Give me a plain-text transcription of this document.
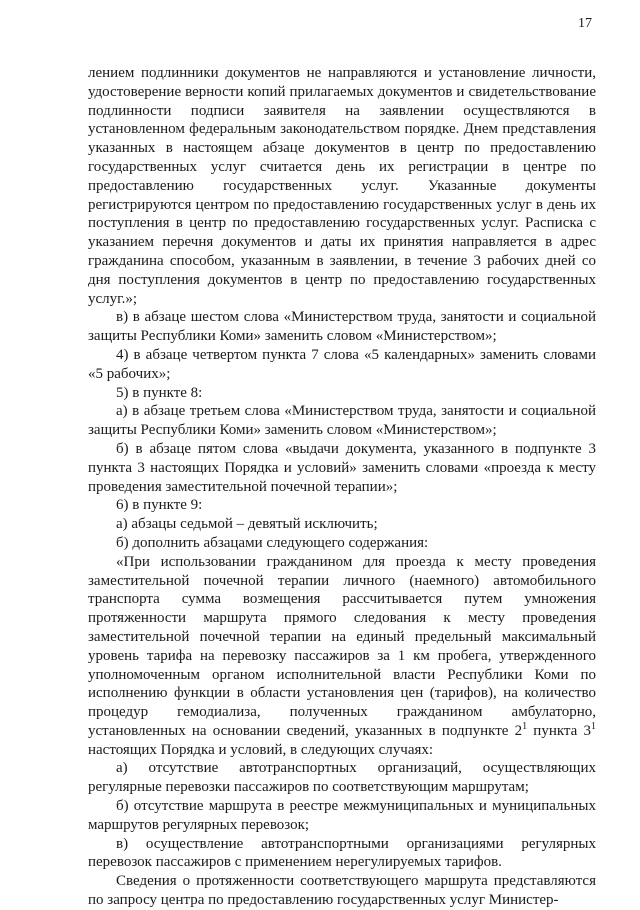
17

лением подлинники документов не направляются и установление личности, удостоверение верности копий прилагаемых документов и свидетельствование подлинности подписи заявителя на заявлении осуществляются в установленном федеральным законодательством порядке. Днем представления указанных в настоящем абзаце документов в центр по предоставлению государственных услуг считается день их регистрации в центре по предоставлению государственных услуг. Указанные документы регистрируются центром по предоставлению государственных услуг в день их поступления в центр по предоставлению государственных услуг. Расписка с указанием перечня документов и даты их принятия направляется в адрес гражданина способом, указанным в заявлении, в течение 3 рабочих дней со дня поступления документов в центр по предоставлению государственных услуг.»;

в) в абзаце шестом слова «Министерством труда, занятости и социальной защиты Республики Коми» заменить словом «Министерством»;

4) в абзаце четвертом пункта 7 слова «5 календарных» заменить словами «5 рабочих»;

5) в пункте 8:

а) в абзаце третьем слова «Министерством труда, занятости и социальной защиты Республики Коми» заменить словом «Министерством»;

б) в абзаце пятом слова «выдачи документа, указанного в подпункте 3 пункта 3 настоящих Порядка и условий» заменить словами «проезда к месту проведения заместительной почечной терапии»;

6) в пункте 9:

а) абзацы седьмой – девятый исключить;

б) дополнить абзацами следующего содержания:

«При использовании гражданином для проезда к месту проведения заместительной почечной терапии личного (наемного) автомобильного транспорта сумма возмещения рассчитывается путем умножения протяженности маршрута прямого следования к месту проведения заместительной почечной терапии на единый предельный максимальный уровень тарифа на перевозку пассажиров за 1 км пробега, утвержденного уполномоченным органом исполнительной власти Республики Коми по исполнению функции в области установления цен (тарифов), на количество процедур гемодиализа, полученных гражданином амбулаторно, установленных на основании сведений, указанных в подпункте $2^1$ пункта $3^1$ настоящих Порядка и условий, в следующих случаях:

а) отсутствие автотранспортных организаций, осуществляющих регулярные перевозки пассажиров по соответствующим маршрутам;

б) отсутствие маршрута в реестре межмуниципальных и муниципальных маршрутов регулярных перевозок;

в) осуществление автотранспортными организациями регулярных перевозок пассажиров с применением нерегулируемых тарифов.

Сведения о протяженности соответствующего маршрута представляются по запросу центра по предоставлению государственных услуг Министер-
